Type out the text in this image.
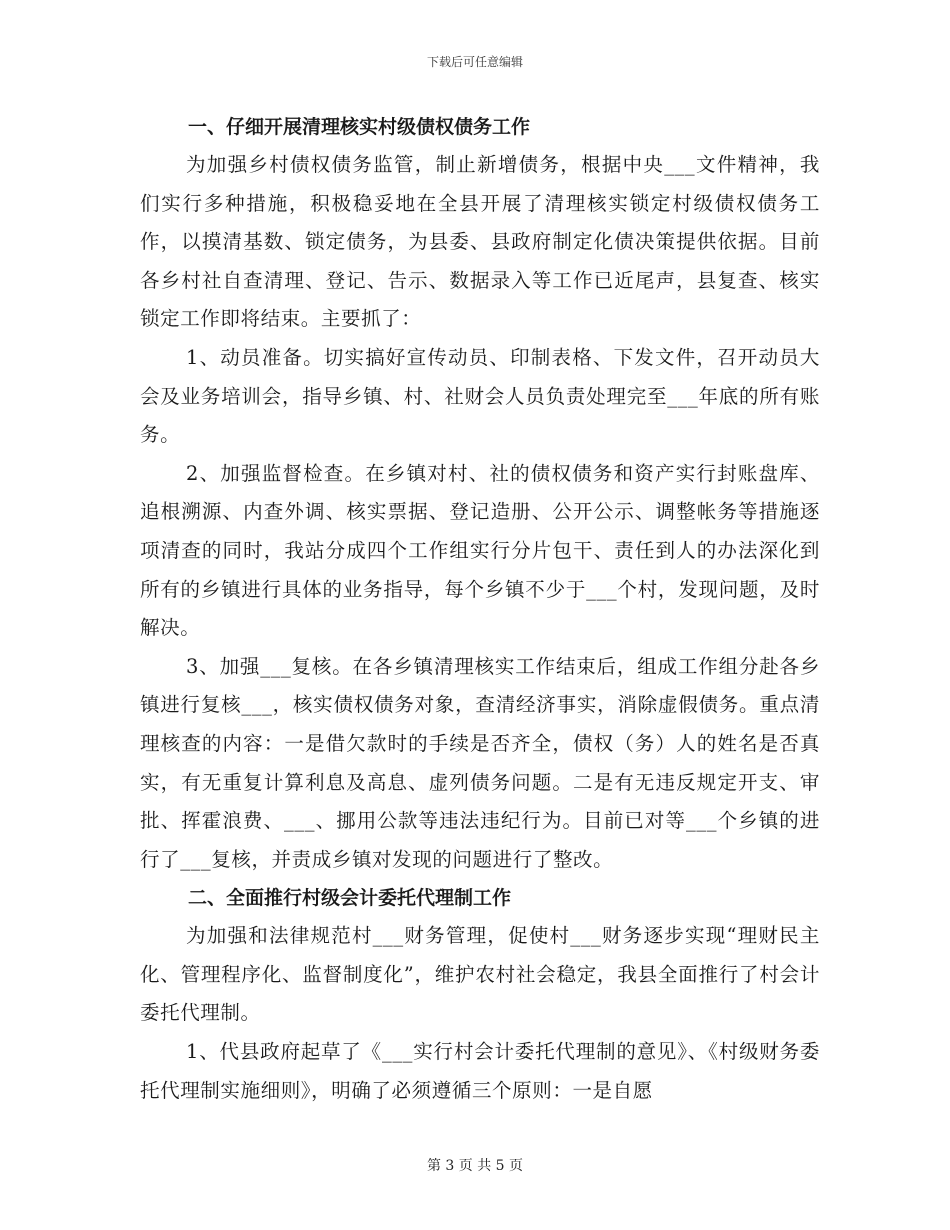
下载后可任意编辑

一、仔细开展清理核实村级债权债务工作

为加强乡村债权债务监管，制止新增债务，根据中央___文件精神，我们实行多种措施，积极稳妥地在全县开展了清理核实锁定村级债权债务工作，以摸清基数、锁定债务，为县委、县政府制定化债决策提供依据。目前各乡村社自查清理、登记、告示、数据录入等工作已近尾声，县复查、核实锁定工作即将结束。主要抓了：

1、动员准备。切实搞好宣传动员、印制表格、下发文件，召开动员大会及业务培训会，指导乡镇、村、社财会人员负责处理完至___年底的所有账务。

2、加强监督检查。在乡镇对村、社的债权债务和资产实行封账盘库、追根溯源、内查外调、核实票据、登记造册、公开公示、调整帐务等措施逐项清查的同时，我站分成四个工作组实行分片包干、责任到人的办法深化到所有的乡镇进行具体的业务指导，每个乡镇不少于___个村，发现问题，及时解决。

3、加强___复核。在各乡镇清理核实工作结束后，组成工作组分赴各乡镇进行复核___，核实债权债务对象，查清经济事实，消除虚假债务。重点清理核查的内容：一是借欠款时的手续是否齐全，债权（务）人的姓名是否真实，有无重复计算利息及高息、虚列债务问题。二是有无违反规定开支、审批、挥霍浪费、___、挪用公款等违法违纪行为。目前已对等___个乡镇的进行了___复核，并责成乡镇对发现的问题进行了整改。

二、全面推行村级会计委托代理制工作

为加强和法律规范村___财务管理，促使村___财务逐步实现“理财民主化、管理程序化、监督制度化”，维护农村社会稳定，我县全面推行了村会计委托代理制。

1、代县政府起草了《___实行村会计委托代理制的意见》、《村级财务委托代理制实施细则》，明确了必须遵循三个原则：一是自愿

第 3 页 共 5 页
